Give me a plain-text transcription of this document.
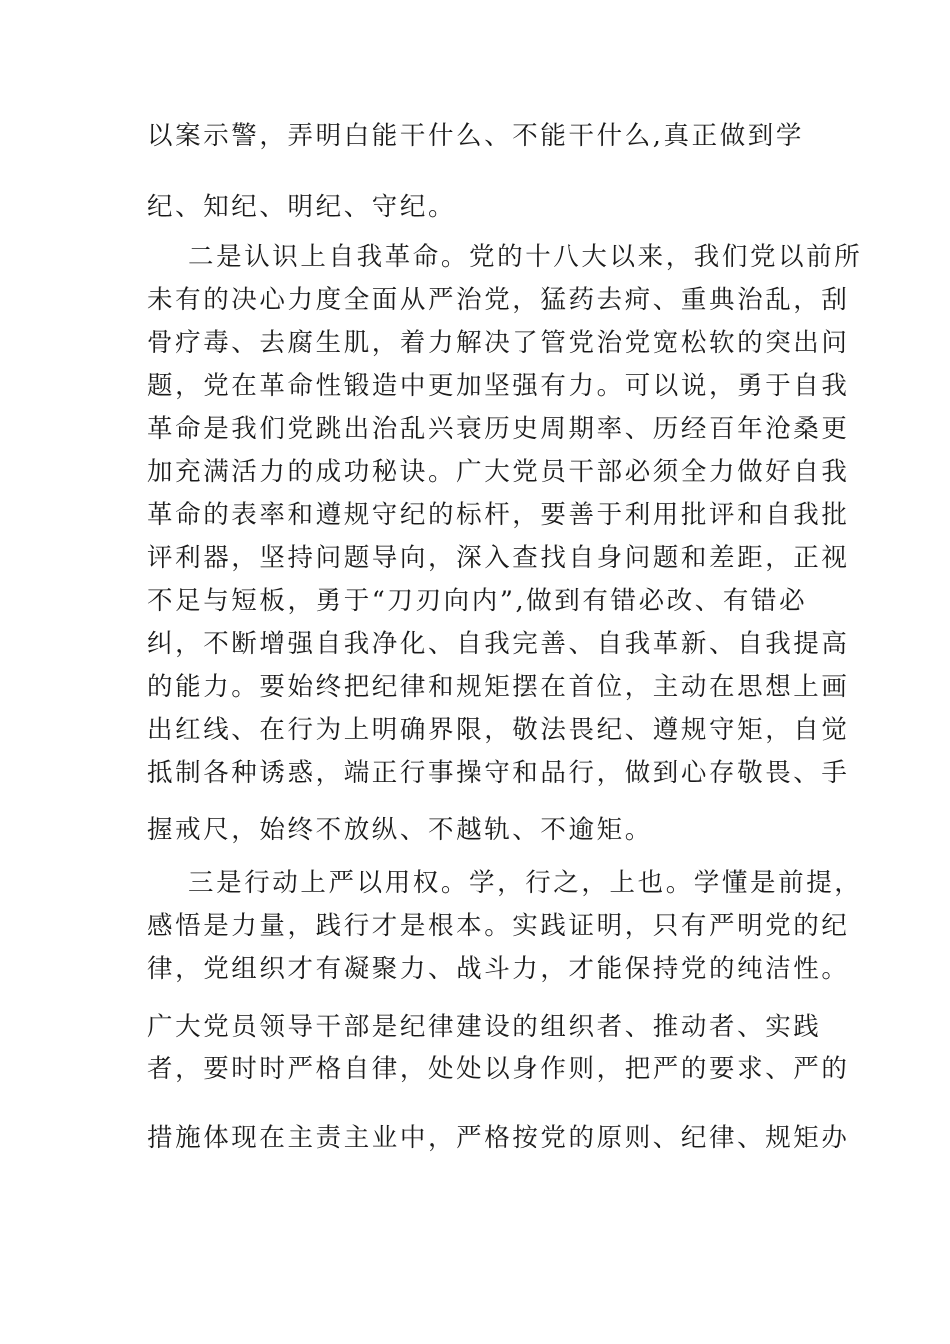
以案示警，弄明白能干什么、不能干什么,真正做到学
纪、知纪、明纪、守纪。
二是认识上自我革命。党的十八大以来，我们党以前所
未有的决心力度全面从严治党，猛药去疴、重典治乱，刮
骨疗毒、去腐生肌，着力解决了管党治党宽松软的突出问
题，党在革命性锻造中更加坚强有力。可以说，勇于自我
革命是我们党跳出治乱兴衰历史周期率、历经百年沧桑更
加充满活力的成功秘诀。广大党员干部必须全力做好自我
革命的表率和遵规守纪的标杆，要善于利用批评和自我批
评利器，坚持问题导向，深入查找自身问题和差距，正视
不足与短板，勇于“刀刃向内”,做到有错必改、有错必
纠，不断增强自我净化、自我完善、自我革新、自我提高
的能力。要始终把纪律和规矩摆在首位，主动在思想上画
出红线、在行为上明确界限，敬法畏纪、遵规守矩，自觉
抵制各种诱惑，端正行事操守和品行，做到心存敬畏、手
握戒尺，始终不放纵、不越轨、不逾矩。
三是行动上严以用权。学，行之，上也。学懂是前提，
感悟是力量，践行才是根本。实践证明，只有严明党的纪
律，党组织才有凝聚力、战斗力，才能保持党的纯洁性。
广大党员领导干部是纪律建设的组织者、推动者、实践
者，要时时严格自律，处处以身作则，把严的要求、严的
措施体现在主责主业中，严格按党的原则、纪律、规矩办
